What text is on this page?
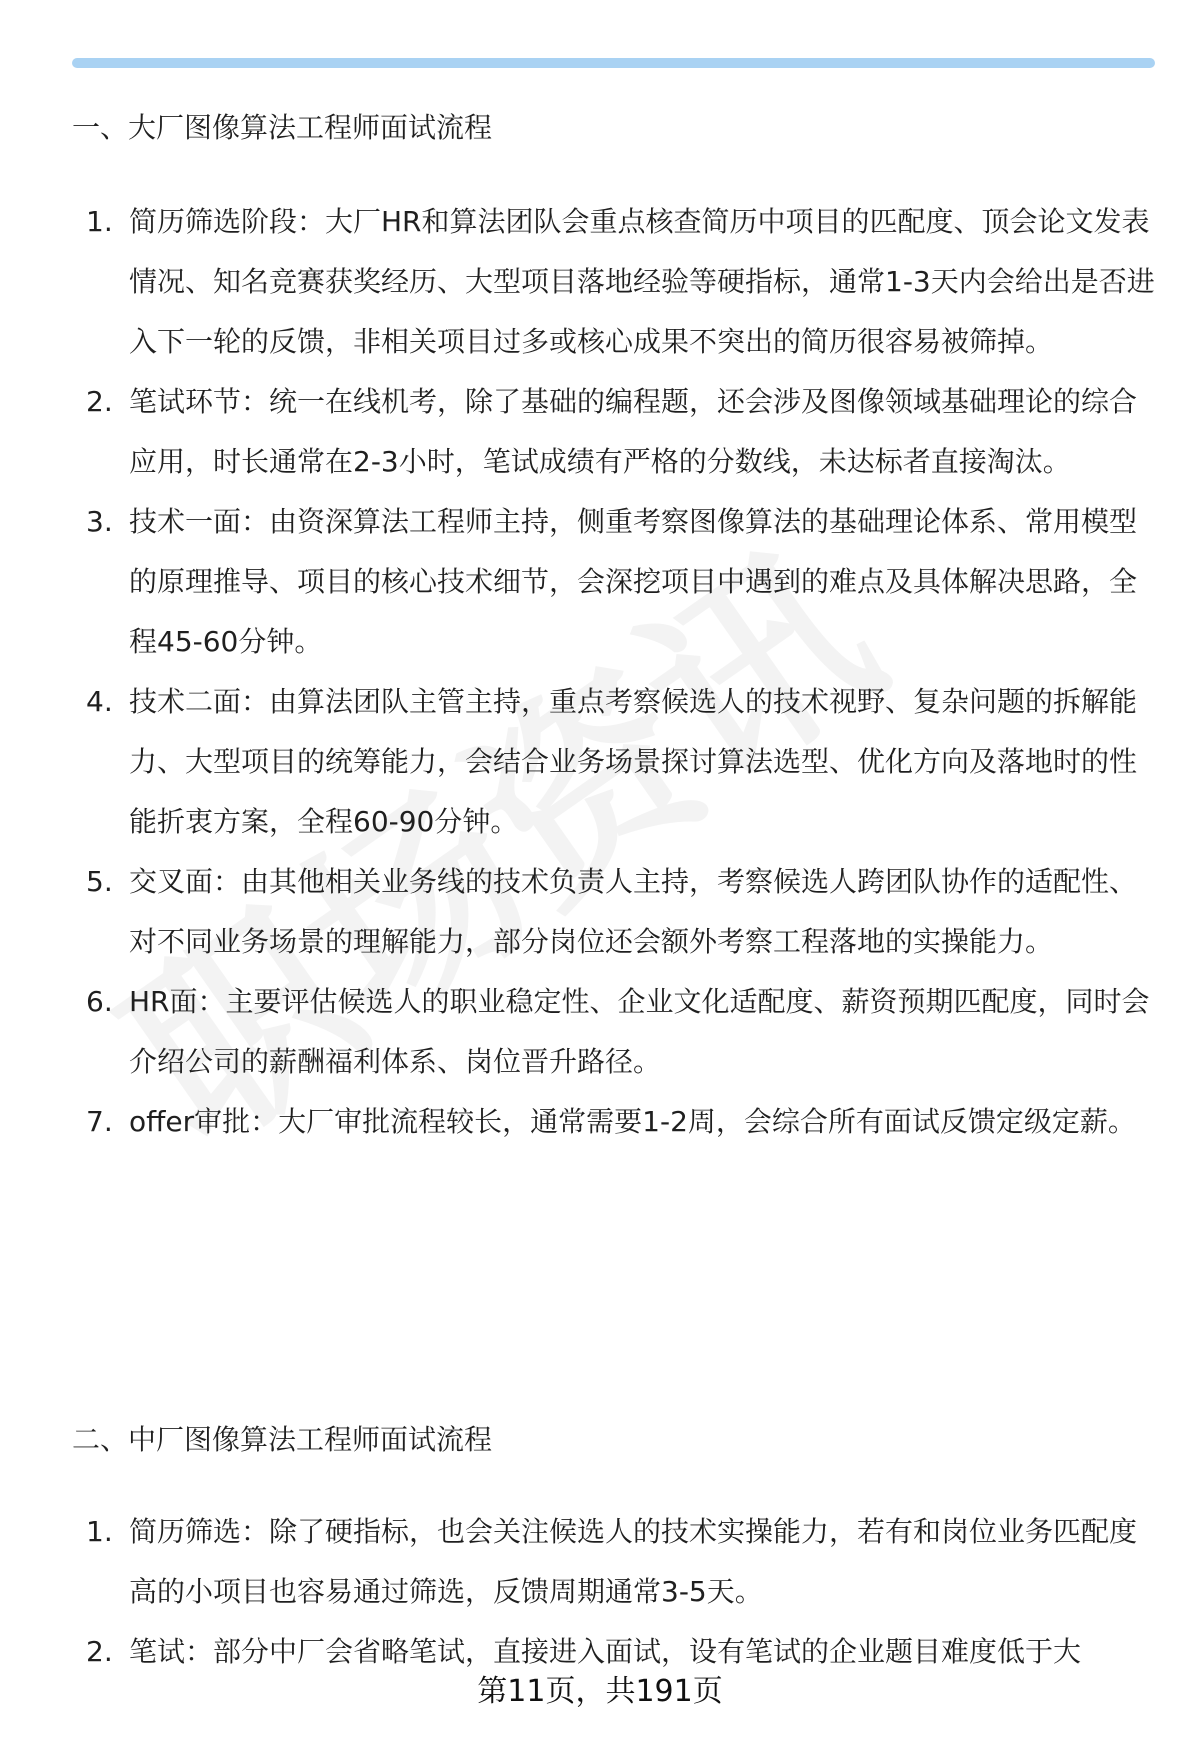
一、大厂图像算法工程师面试流程
1. 简历筛选阶段：大厂HR和算法团队会重点核查简历中项目的匹配度、顶会论文发表情况、知名竞赛获奖经历、大型项目落地经验等硬指标，通常1-3天内会给出是否进入下一轮的反馈，非相关项目过多或核心成果不突出的简历很容易被筛掉。
2. 笔试环节：统一在线机考，除了基础的编程题，还会涉及图像领域基础理论的综合应用，时长通常在2-3小时，笔试成绩有严格的分数线，未达标者直接淘汰。
3. 技术一面：由资深算法工程师主持，侧重考察图像算法的基础理论体系、常用模型的原理推导、项目的核心技术细节，会深挖项目中遇到的难点及具体解决思路，全程45-60分钟。
4. 技术二面：由算法团队主管主持，重点考察候选人的技术视野、复杂问题的拆解能力、大型项目的统筹能力，会结合业务场景探讨算法选型、优化方向及落地时的性能折衷方案，全程60-90分钟。
5. 交叉面：由其他相关业务线的技术负责人主持，考察候选人跨团队协作的适配性、对不同业务场景的理解能力，部分岗位还会额外考察工程落地的实操能力。
6. HR面：主要评估候选人的职业稳定性、企业文化适配度、薪资预期匹配度，同时会介绍公司的薪酬福利体系、岗位晋升路径。
7. offer审批：大厂审批流程较长，通常需要1-2周，会综合所有面试反馈定级定薪。
二、中厂图像算法工程师面试流程
1. 简历筛选：除了硬指标，也会关注候选人的技术实操能力，若有和岗位业务匹配度高的小项目也容易通过筛选，反馈周期通常3-5天。
2. 笔试：部分中厂会省略笔试，直接进入面试，设有笔试的企业题目难度低于大
第11页，共191页
